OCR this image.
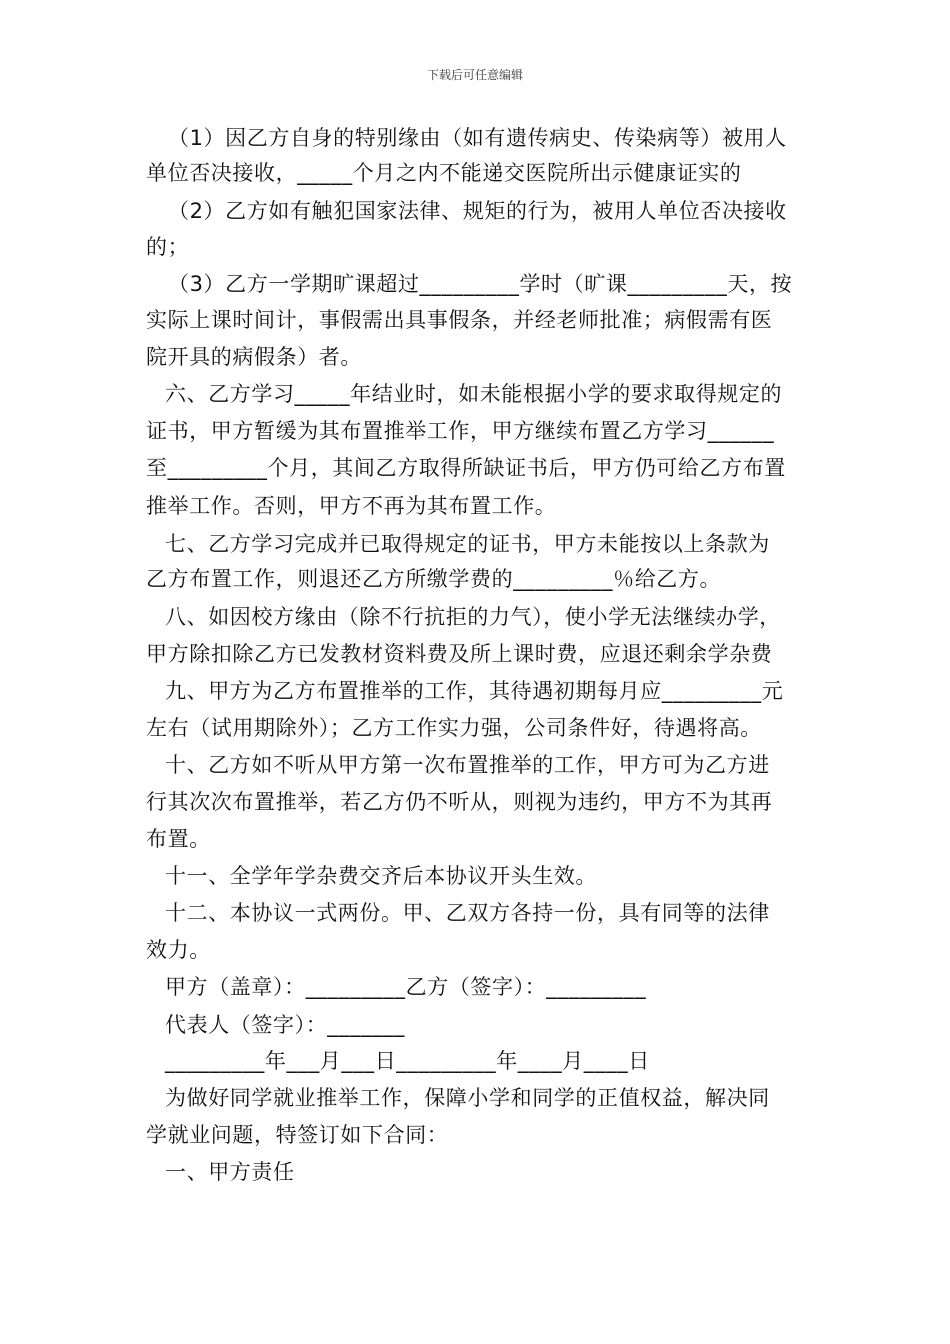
下载后可任意编辑
（1）因乙方自身的特别缘由（如有遗传病史、传染病等）被用人
单位否决接收，_____个月之内不能递交医院所出示健康证实的
（2）乙方如有触犯国家法律、规矩的行为，被用人单位否决接收
的；
（3）乙方一学期旷课超过_________学时（旷课_________天，按
实际上课时间计，事假需出具事假条，并经老师批准；病假需有医
院开具的病假条）者。
六、乙方学习_____年结业时，如未能根据小学的要求取得规定的
证书，甲方暂缓为其布置推举工作，甲方继续布置乙方学习______
至_________个月，其间乙方取得所缺证书后，甲方仍可给乙方布置
推举工作。否则，甲方不再为其布置工作。
七、乙方学习完成并已取得规定的证书，甲方未能按以上条款为
乙方布置工作，则退还乙方所缴学费的_________％给乙方。
八、如因校方缘由（除不行抗拒的力气），使小学无法继续办学，
甲方除扣除乙方已发教材资料费及所上课时费，应退还剩余学杂费
九、甲方为乙方布置推举的工作，其待遇初期每月应_________元
左右（试用期除外）；乙方工作实力强，公司条件好，待遇将高。
十、乙方如不听从甲方第一次布置推举的工作，甲方可为乙方进
行其次次布置推举，若乙方仍不听从，则视为违约，甲方不为其再
布置。
十一、全学年学杂费交齐后本协议开头生效。
十二、本协议一式两份。甲、乙双方各持一份，具有同等的法律
效力。
甲方（盖章）：_________乙方（签字）：_________
代表人（签字）：_______
_________年___月___日_________年____月____日
为做好同学就业推举工作，保障小学和同学的正值权益，解决同
学就业问题，特签订如下合同：
一、甲方责任
